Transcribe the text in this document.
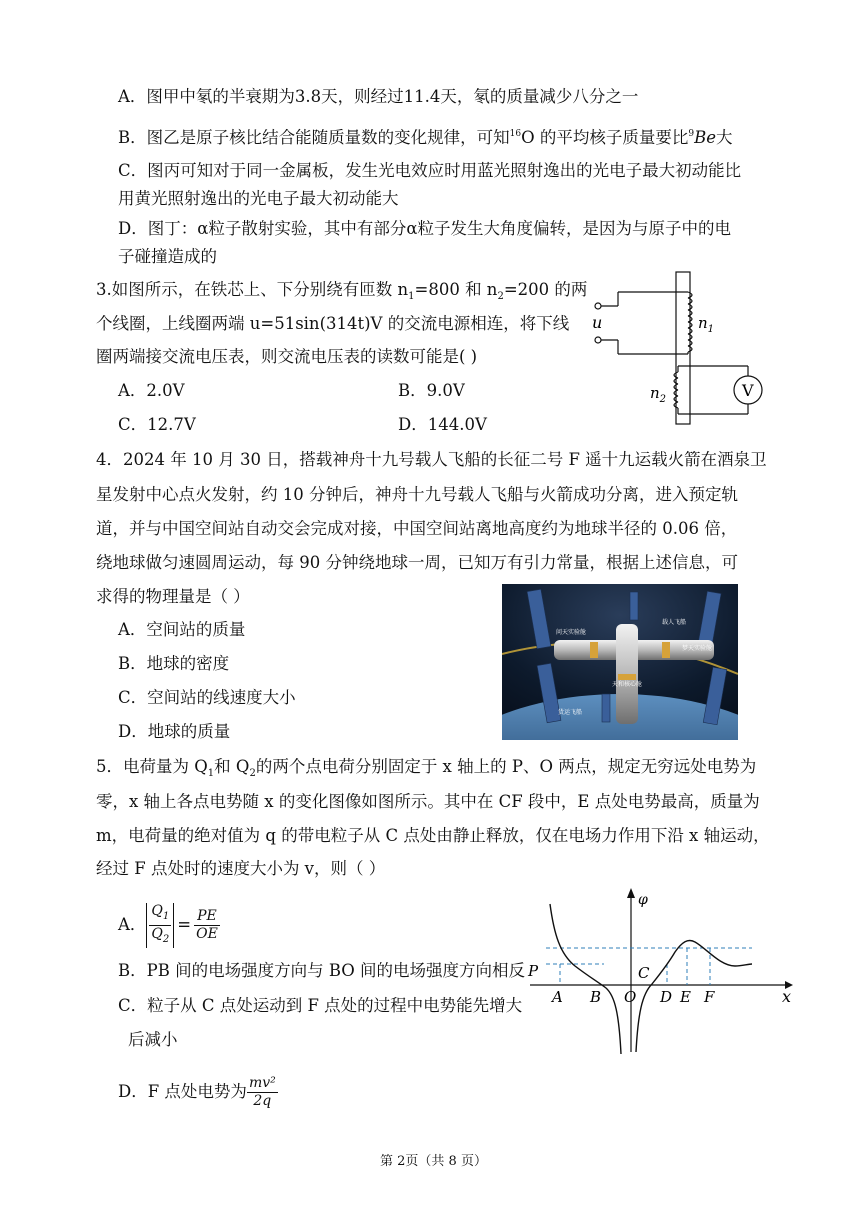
A．图甲中氡的半衰期为3.8天，则经过11.4天，氡的质量减少八分之一
B．图乙是原子核比结合能随质量数的变化规律，可知$^{16}$O 的平均核子质量要比$^9$Be大
C．图丙可知对于同一金属板，发生光电效应时用蓝光照射逸出的光电子最大初动能比
用黄光照射逸出的光电子最大初动能大
D．图丁：α粒子散射实验，其中有部分α粒子发生大角度偏转，是因为与原子中的电
子碰撞造成的
3.如图所示，在铁芯上、下分别绕有匝数 $n_1=800$ 和 $n_2=200$ 的两
个线圈，上线圈两端 u=51sin(314t)V 的交流电源相连，将下线
圈两端接交流电压表，则交流电压表的读数可能是( )
A．2.0V	B．9.0V
C．12.7V	D．144.0V
u	$n_1$
$n_2$	V
4．2024 年 10 月 30 日，搭载神舟十九号载人飞船的长征二号 F 遥十九运载火箭在酒泉卫
星发射中心点火发射，约 10 分钟后，神舟十九号载人飞船与火箭成功分离，进入预定轨
道，并与中国空间站自动交会完成对接，中国空间站离地高度约为地球半径的 0.06 倍，
绕地球做匀速圆周运动，每 90 分钟绕地球一周，已知万有引力常量，根据上述信息，可
求得的物理量是（ ）
A．空间站的质量
B．地球的密度
C．空间站的线速度大小
D．地球的质量
问天实验舱
载人飞船
梦天实验舱
天和核心舱
货运飞船
5．电荷量为 $Q_1$和 $Q_2$的两个点电荷分别固定于 x 轴上的 P、O 两点，规定无穷远处电势为
零，x 轴上各点电势随 x 的变化图像如图所示。其中在 CF 段中，E 点处电势最高，质量为
m，电荷量的绝对值为 q 的带电粒子从 C 点处由静止释放，仅在电场力作用下沿 x 轴运动，
经过 F 点处时的速度大小为 v，则（ ）
A． $\frac{Q_1}{Q_2} = \frac{PE}{OE}$
B．PB 间的电场强度方向与 BO 间的电场强度方向相反
C．粒子从 C 点处运动到 F 点处的过程中电势能先增大
后减小
D．F 点处电势为 $\frac{\text{mv²}}{2q}$
φ
x
P
A B O
C
D E F
第 2页（共 8 页）
